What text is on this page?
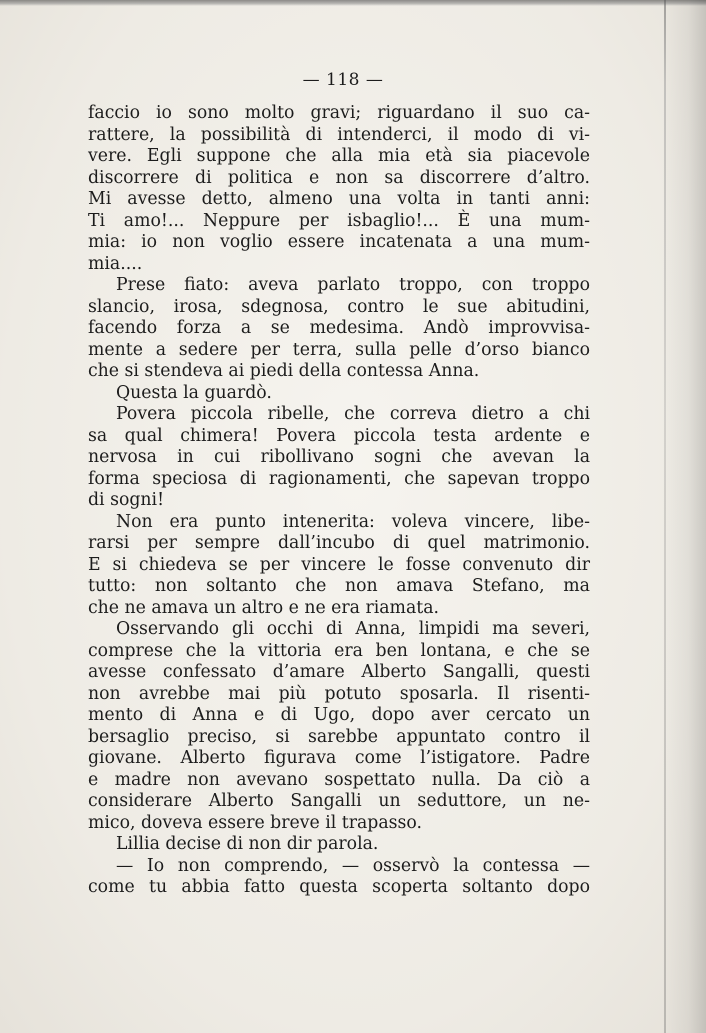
— 118 —
faccio io sono molto gravi; riguardano il suo ca-
rattere, la possibilità di intenderci, il modo di vi-
vere. Egli suppone che alla mia età sia piacevole
discorrere di politica e non sa discorrere d’altro.
Mi avesse detto, almeno una volta in tanti anni:
Ti amo!... Neppure per isbaglio!... È una mum-
mia: io non voglio essere incatenata a una mum-
mia....
Prese fiato: aveva parlato troppo, con troppo
slancio, irosa, sdegnosa, contro le sue abitudini,
facendo forza a se medesima. Andò improvvisa-
mente a sedere per terra, sulla pelle d’orso bianco
che si stendeva ai piedi della contessa Anna.
Questa la guardò.
Povera piccola ribelle, che correva dietro a chi
sa qual chimera! Povera piccola testa ardente e
nervosa in cui ribollivano sogni che avevan la
forma speciosa di ragionamenti, che sapevan troppo
di sogni!
Non era punto intenerita: voleva vincere, libe-
rarsi per sempre dall’incubo di quel matrimonio.
E si chiedeva se per vincere le fosse convenuto dir
tutto: non soltanto che non amava Stefano, ma
che ne amava un altro e ne era riamata.
Osservando gli occhi di Anna, limpidi ma severi,
comprese che la vittoria era ben lontana, e che se
avesse confessato d’amare Alberto Sangalli, questi
non avrebbe mai più potuto sposarla. Il risenti-
mento di Anna e di Ugo, dopo aver cercato un
bersaglio preciso, si sarebbe appuntato contro il
giovane. Alberto figurava come l’istigatore. Padre
e madre non avevano sospettato nulla. Da ciò a
considerare Alberto Sangalli un seduttore, un ne-
mico, doveva essere breve il trapasso.
Lillia decise di non dir parola.
— Io non comprendo, — osservò la contessa —
come tu abbia fatto questa scoperta soltanto dopo
